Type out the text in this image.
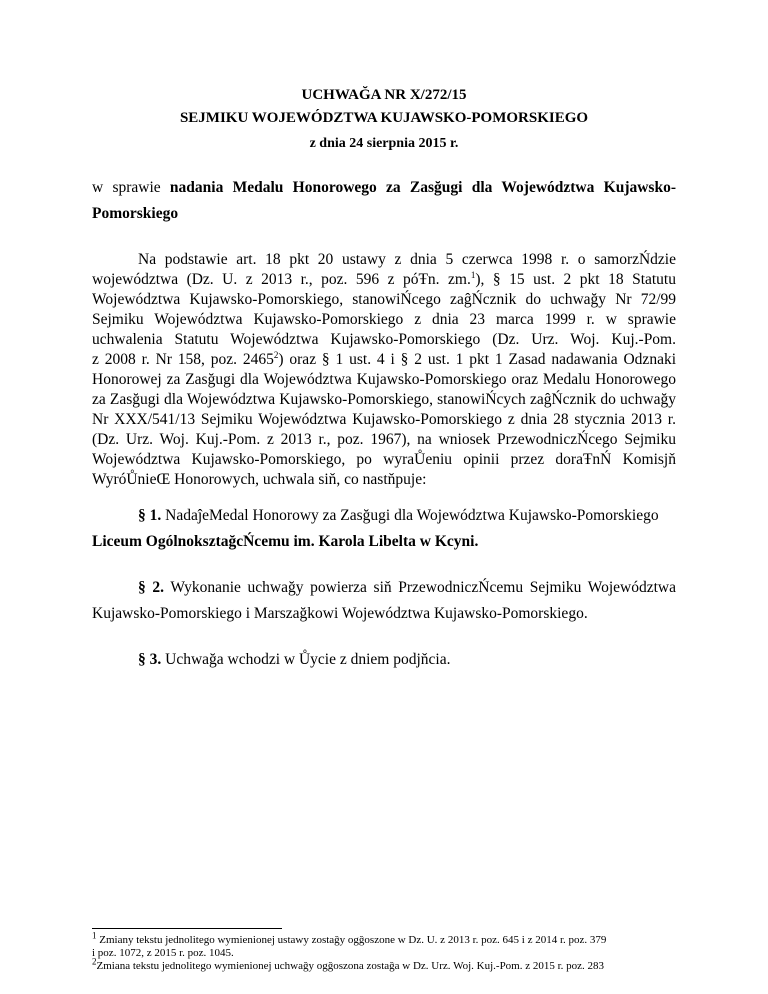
UCHWAĞA NR X/272/15
SEJMIKU WOJEWÓDZTWA KUJAWSKO-POMORSKIEGO
z dnia 24 sierpnia 2015 r.
w sprawie nadania Medalu Honorowego za Zasğugi dla Województwa Kujawsko-
Pomorskiego
Na podstawie art. 18 pkt 20 ustawy z dnia 5 czerwca 1998 r. o samorzŃdzie
województwa (Dz. U. z 2013 r., poz. 596 z póŦn. zm.$^1$), § 15 ust. 2 pkt 18 Statutu
Województwa Kujawsko-Pomorskiego, stanowiŃcego zaĝŃcznik do uchwağy Nr 72/99
Sejmiku Województwa Kujawsko-Pomorskiego z dnia 23 marca 1999 r. w sprawie
uchwalenia Statutu Województwa Kujawsko-Pomorskiego (Dz. Urz. Woj. Kuj.-Pom.
z 2008 r. Nr 158, poz. 2465$^2$) oraz § 1 ust. 4 i § 2 ust. 1 pkt 1 Zasad nadawania Odznaki
Honorowej za Zasğugi dla Województwa Kujawsko-Pomorskiego oraz Medalu Honorowego
za Zasğugi dla Województwa Kujawsko-Pomorskiego, stanowiŃcych zaĝŃcznik do uchwağy
Nr XXX/541/13 Sejmiku Województwa Kujawsko-Pomorskiego z dnia 28 stycznia 2013 r.
(Dz. Urz. Woj. Kuj.-Pom. z 2013 r., poz. 1967), na wniosek PrzewodniczŃcego Sejmiku
Województwa Kujawsko-Pomorskiego, po wyraŮeniu opinii przez doraŦnŃ Komisjň
WyróŮnieŒ Honorowych, uchwala siň, co nastňpuje:
§ 1. NadaĵeMedal Honorowy za Zasğugi dla Województwa Kujawsko-Pomorskiego
Liceum OgólnoksztağcŃcemu im. Karola Libelta w Kcyni.
§ 2. Wykonanie uchwağy powierza siň PrzewodniczŃcemu Sejmiku Województwa
Kujawsko-Pomorskiego i Marszağkowi Województwa Kujawsko-Pomorskiego.
§ 3. Uchwağa wchodzi w Ůycie z dniem podjňcia.
$^1$ Zmiany tekstu jednolitego wymienionej ustawy zostağy ogğoszone w Dz. U. z 2013 r. poz. 645 i z 2014 r. poz. 379
i poz. 1072, z 2015 r. poz. 1045.
$^2$Zmiana tekstu jednolitego wymienionej uchwağy ogğoszona zostağa w Dz. Urz. Woj. Kuj.-Pom. z 2015 r. poz. 283
